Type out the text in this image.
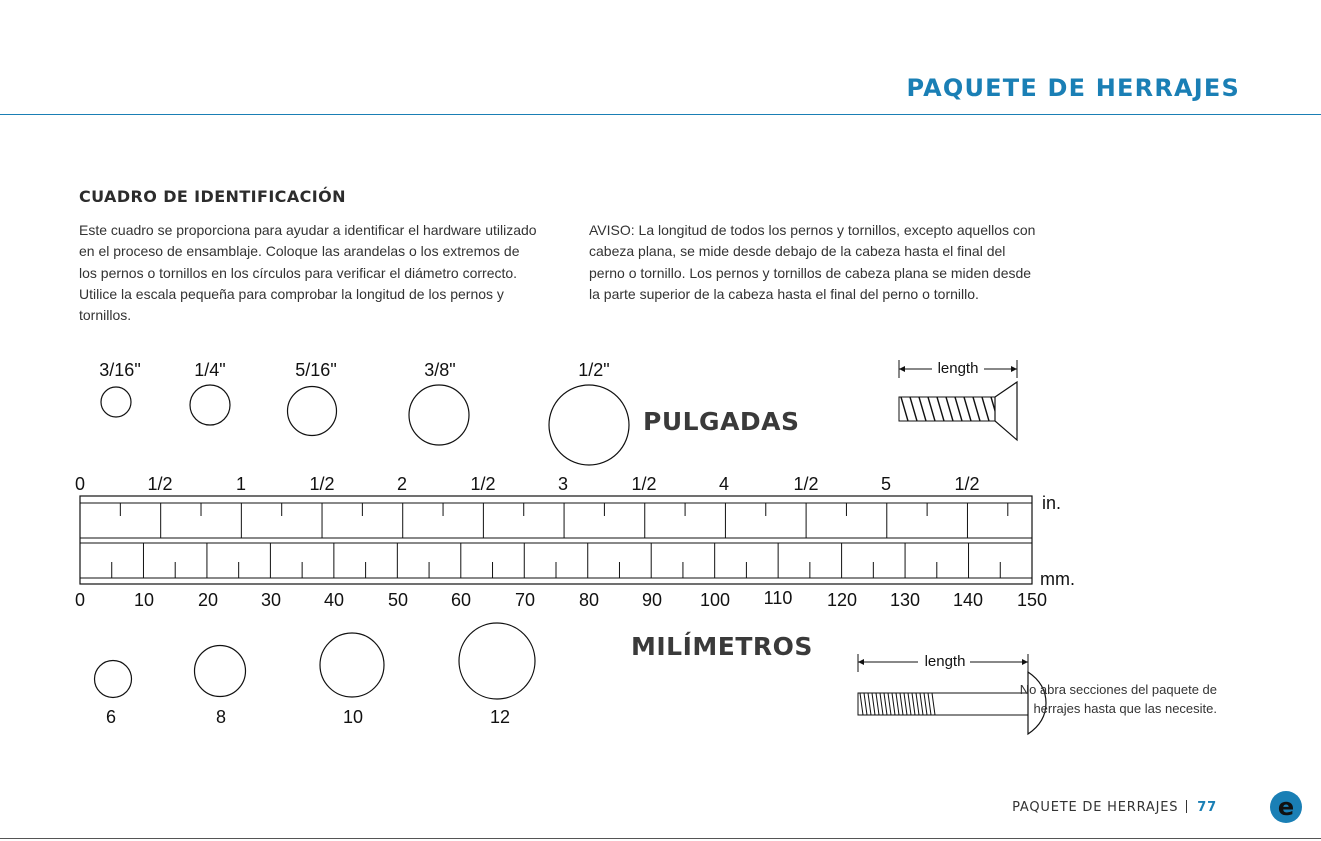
PAQUETE DE HERRAJES
CUADRO DE IDENTIFICACIÓN
Este cuadro se proporciona para ayudar a identificar el hardware utilizado en el proceso de ensamblaje. Coloque las arandelas o los extremos de los pernos o tornillos en los círculos para verificar el diámetro correcto. Utilice la escala pequeña para comprobar la longitud de los pernos y tornillos.
AVISO: La longitud de todos los pernos y tornillos, excepto aquellos con cabeza plana, se mide desde debajo de la cabeza hasta el final del perno o tornillo. Los pernos y tornillos de cabeza plana se miden desde la parte superior de la cabeza hasta el final del perno o tornillo.
PULGADAS
MILÍMETROS
3/16"	1/4"	5/16"	3/8"	1/2"
0	1/2	1	1/2	2	1/2	3	1/2	4	1/2	5	1/2
in.
0	10 20 30 40 50 60 70 80 90 100 110 120 130 140 150
mm.
6	8	10	12
length
length
No abra secciones del paquete de herrajes hasta que las necesite.
PAQUETE DE HERRAJES 77	e
